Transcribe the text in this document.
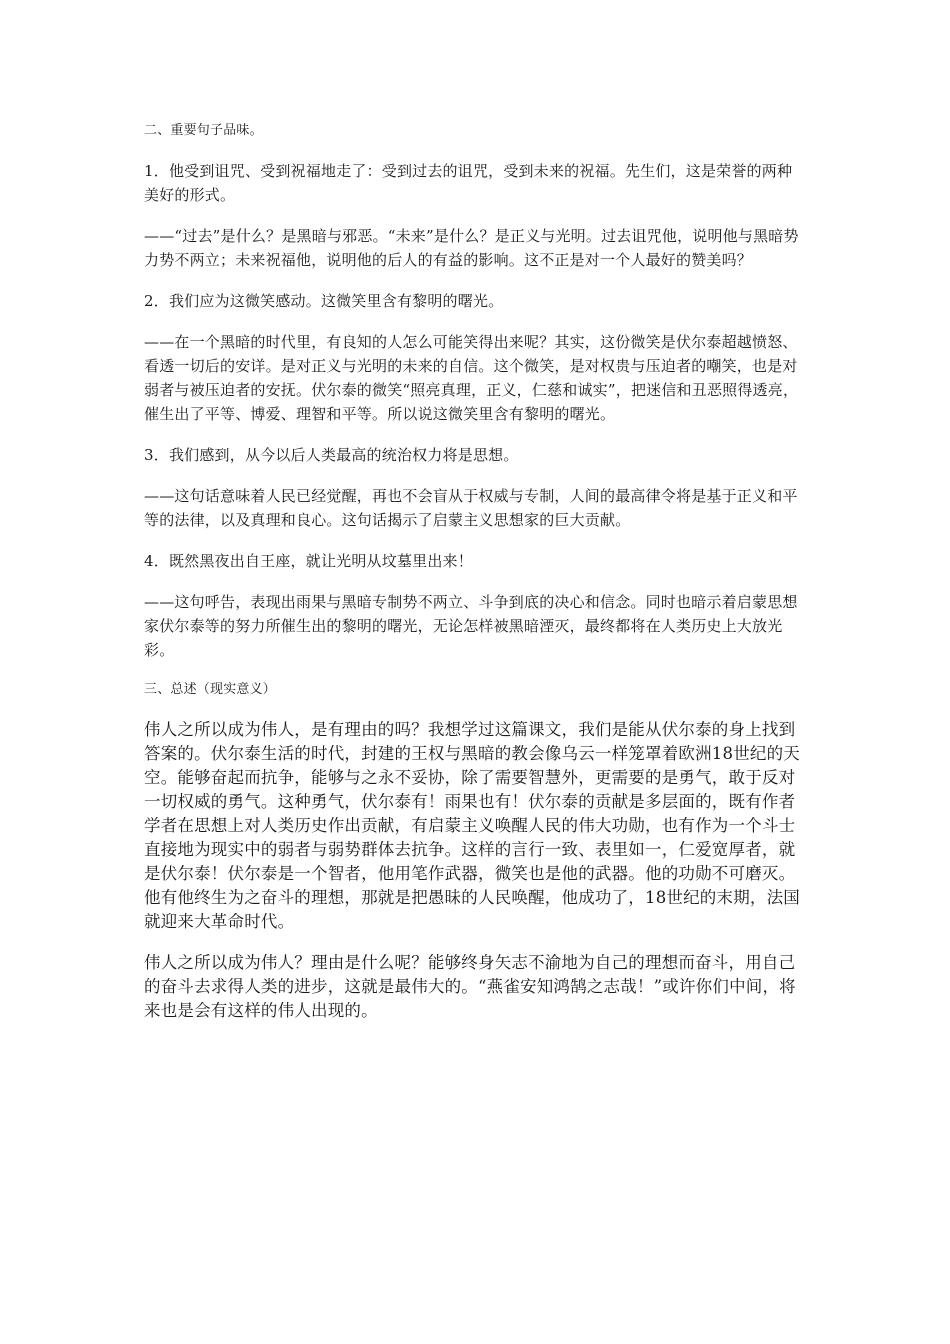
二、重要句子品味。

1．他受到诅咒、受到祝福地走了：受到过去的诅咒，受到未来的祝福。先生们，这是荣誉的两种美好的形式。

——“过去”是什么？是黑暗与邪恶。“未来”是什么？是正义与光明。过去诅咒他，说明他与黑暗势力势不两立；未来祝福他，说明他的后人的有益的影响。这不正是对一个人最好的赞美吗？

2．我们应为这微笑感动。这微笑里含有黎明的曙光。

——在一个黑暗的时代里，有良知的人怎么可能笑得出来呢？其实，这份微笑是伏尔泰超越愤怒、看透一切后的安详。是对正义与光明的未来的自信。这个微笑，是对权贵与压迫者的嘲笑，也是对弱者与被压迫者的安抚。伏尔泰的微笑“照亮真理，正义，仁慈和诚实”，把迷信和丑恶照得透亮，催生出了平等、博爱、理智和平等。所以说这微笑里含有黎明的曙光。

3．我们感到，从今以后人类最高的统治权力将是思想。

——这句话意味着人民已经觉醒，再也不会盲从于权威与专制，人间的最高律令将是基于正义和平等的法律，以及真理和良心。这句话揭示了启蒙主义思想家的巨大贡献。

4．既然黑夜出自王座，就让光明从坟墓里出来！

——这句呼告，表现出雨果与黑暗专制势不两立、斗争到底的决心和信念。同时也暗示着启蒙思想家伏尔泰等的努力所催生出的黎明的曙光，无论怎样被黑暗湮灭，最终都将在人类历史上大放光彩。

三、总述（现实意义）

伟人之所以成为伟人，是有理由的吗？我想学过这篇课文，我们是能从伏尔泰的身上找到答案的。伏尔泰生活的时代，封建的王权与黑暗的教会像乌云一样笼罩着欧洲18世纪的天空。能够奋起而抗争，能够与之永不妥协，除了需要智慧外，更需要的是勇气，敢于反对一切权威的勇气。这种勇气，伏尔泰有！雨果也有！伏尔泰的贡献是多层面的，既有作者学者在思想上对人类历史作出贡献，有启蒙主义唤醒人民的伟大功勋，也有作为一个斗士直接地为现实中的弱者与弱势群体去抗争。这样的言行一致、表里如一，仁爱宽厚者，就是伏尔泰！伏尔泰是一个智者，他用笔作武器，微笑也是他的武器。他的功勋不可磨灭。他有他终生为之奋斗的理想，那就是把愚昧的人民唤醒，他成功了，18世纪的末期，法国就迎来大革命时代。

伟人之所以成为伟人？理由是什么呢？能够终身矢志不渝地为自己的理想而奋斗，用自己的奋斗去求得人类的进步，这就是最伟大的。“燕雀安知鸿鹄之志哉！”或许你们中间，将来也是会有这样的伟人出现的。
